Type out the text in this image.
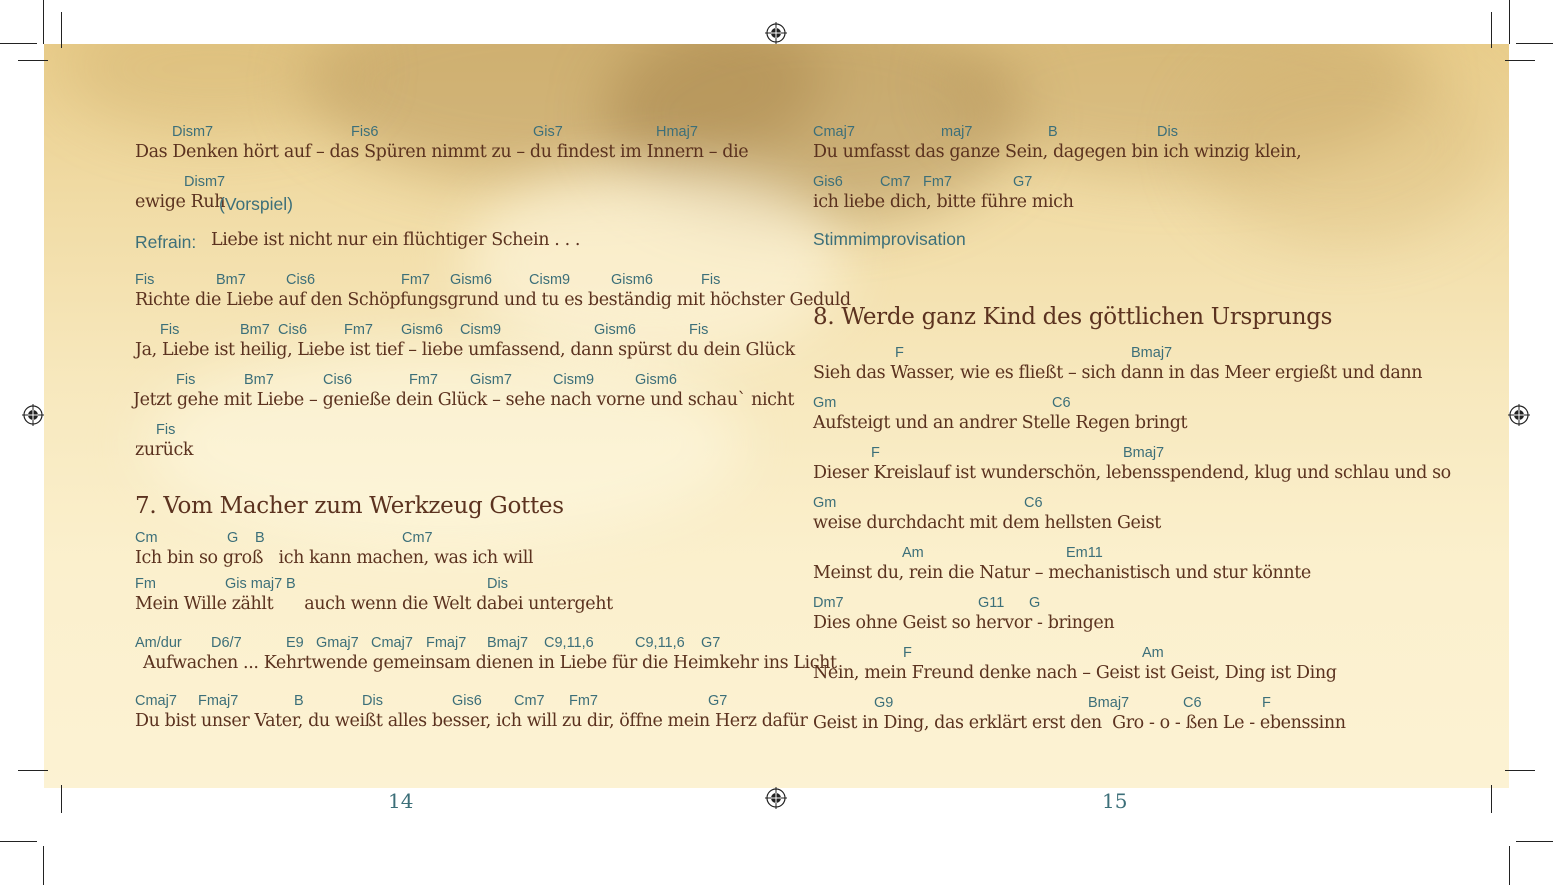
Dism7	Fis6	Gis7	Hmaj7
Das Denken hört auf – das Spüren nimmt zu – du findest im Innern – die
Dism7
ewige Ruh
(Vorspiel)
Refrain: Liebe ist nicht nur ein flüchtiger Schein . . .
Fis	Bm7	Cis6	Fm7 Gism6	Cism9	Gism6	Fis
Richte die Liebe auf den Schöpfungsgrund und tu es beständig mit höchster Geduld
Fis	Bm7 Cis6	Fm7 Gism6 Cism9	Gism6	Fis
Ja, Liebe ist heilig, Liebe ist tief – liebe umfassend, dann spürst du dein Glück
Fis	Bm7	Cis6	Fm7 Gism7	Cism9	Gism6
Jetzt gehe mit Liebe – genieße dein Glück – sehe nach vorne und schau` nicht
Fis
zurück
7. Vom Macher zum Werkzeug Gottes
Cm	G B	Cm7
Ich bin so groß   ich kann machen, was ich will
Fm	Gis maj7 B	Dis
Mein Wille zählt      auch wenn die Welt dabei untergeht
Am/dur D6/7	E9 Gmaj7 Cmaj7 Fmaj7 Bmaj7 C9,11,6	C9,11,6 G7
Aufwachen ... Kehrtwende gemeinsam dienen in Liebe für die Heimkehr ins Licht
Cmaj7 Fmaj7	B	Dis	Gis6 Cm7 Fm7	G7
Du bist unser Vater, du weißt alles besser, ich will zu dir, öffne mein Herz dafür
14
Cmaj7	maj7	B	Dis
Du umfasst das ganze Sein, dagegen bin ich winzig klein,
Gis6	Cm7 Fm7	G7
ich liebe dich, bitte führe mich
Stimmimprovisation
8. Werde ganz Kind des göttlichen Ursprungs
F	Bmaj7
Sieh das Wasser, wie es fließt – sich dann in das Meer ergießt und dann
Gm	C6
Aufsteigt und an andrer Stelle Regen bringt
F	Bmaj7
Dieser Kreislauf ist wunderschön, lebensspendend, klug und schlau und so
Gm	C6
weise durchdacht mit dem hellsten Geist
Am	Em11
Meinst du, rein die Natur – mechanistisch und stur könnte
Dm7	G11 G
Dies ohne Geist so hervor - bringen
F	Am
Nein, mein Freund denke nach – Geist ist Geist, Ding ist Ding
G9	Bmaj7	C6	F
Geist in Ding, das erklärt erst den  Gro - o - ßen Le - ebenssinn
15
